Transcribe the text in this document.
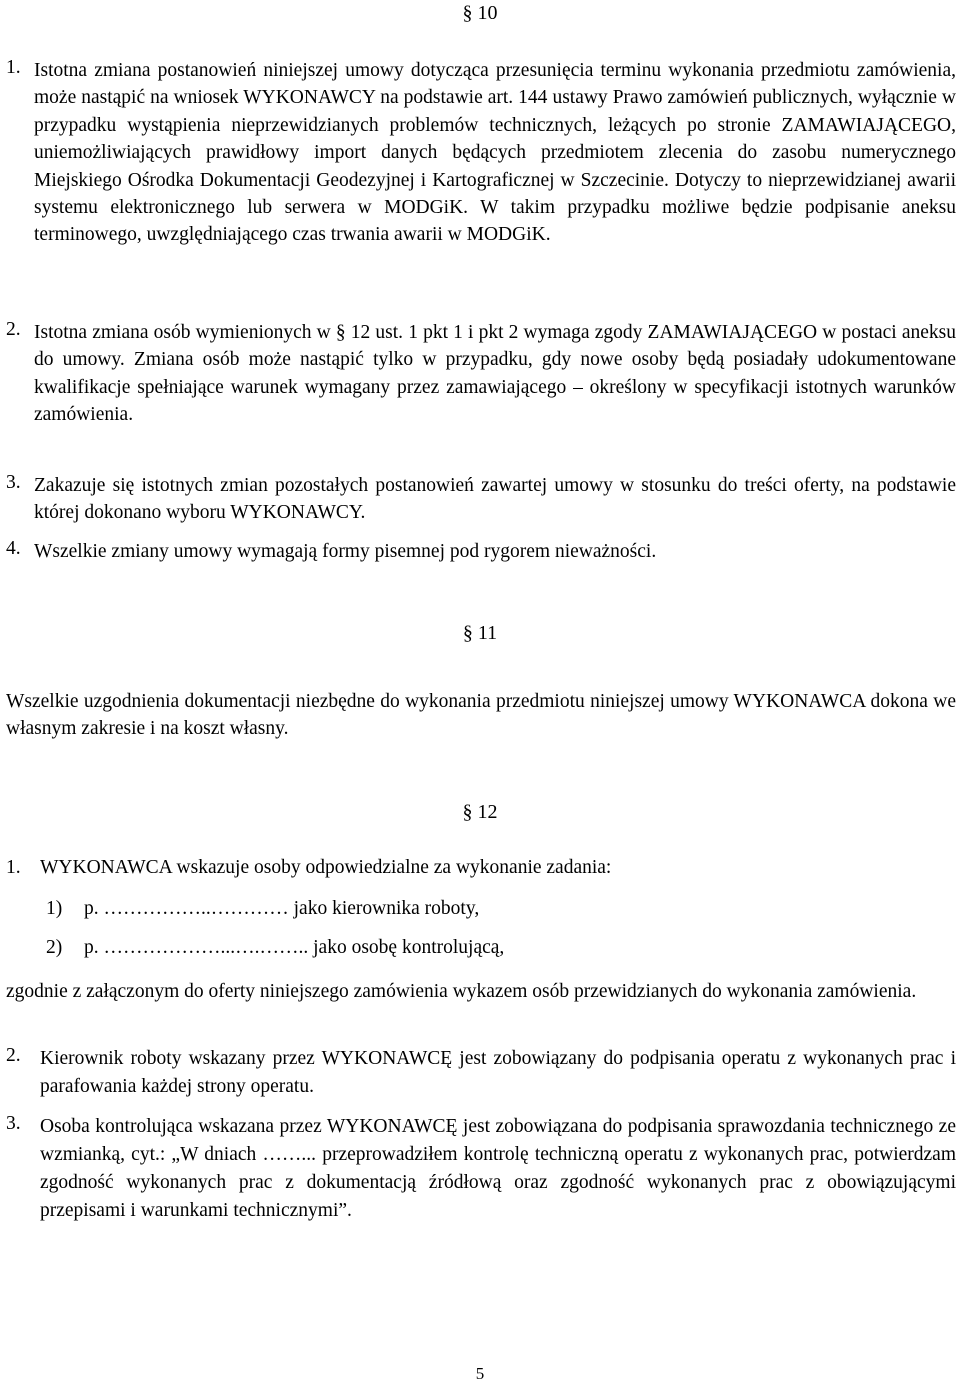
§ 10
1. Istotna zmiana postanowień niniejszej umowy dotycząca przesunięcia terminu wykonania przedmiotu zamówienia, może nastąpić na wniosek WYKONAWCY na podstawie art. 144 ustawy Prawo zamówień publicznych, wyłącznie w przypadku wystąpienia nieprzewidzianych problemów technicznych, leżących po stronie ZAMAWIAJĄCEGO, uniemożliwiających prawidłowy import danych będących przedmiotem zlecenia do zasobu numerycznego Miejskiego Ośrodka Dokumentacji Geodezyjnej i Kartograficznej w Szczecinie. Dotyczy to nieprzewidzianej awarii systemu elektronicznego lub serwera w MODGiK. W takim przypadku możliwe będzie podpisanie aneksu terminowego, uwzględniającego czas trwania awarii w MODGiK.
2. Istotna zmiana osób wymienionych w § 12 ust. 1 pkt 1 i pkt 2 wymaga zgody ZAMAWIAJĄCEGO w postaci aneksu do umowy. Zmiana osób może nastąpić tylko w przypadku, gdy nowe osoby będą posiadały udokumentowane kwalifikacje spełniające warunek wymagany przez zamawiającego – określony w specyfikacji istotnych warunków zamówienia.
3. Zakazuje się istotnych zmian pozostałych postanowień zawartej umowy w stosunku do treści oferty, na podstawie której dokonano wyboru WYKONAWCY.
4. Wszelkie zmiany umowy wymagają formy pisemnej pod rygorem nieważności.
§ 11
Wszelkie uzgodnienia dokumentacji niezbędne do wykonania przedmiotu niniejszej umowy WYKONAWCA dokona we własnym zakresie i na koszt własny.
§ 12
1. WYKONAWCA wskazuje osoby odpowiedzialne za wykonanie zadania:
1) p. ……………..………… jako kierownika roboty,
2) p. ………………...….…….. jako osobę kontrolującą,
zgodnie z załączonym do oferty niniejszego zamówienia wykazem osób przewidzianych do wykonania zamówienia.
2. Kierownik roboty wskazany przez WYKONAWCĘ jest zobowiązany do podpisania operatu z wykonanych prac i parafowania każdej strony operatu.
3. Osoba kontrolująca wskazana przez WYKONAWCĘ jest zobowiązana do podpisania sprawozdania technicznego ze wzmianką, cyt.: „W dniach ……... przeprowadziłem kontrolę techniczną operatu z wykonanych prac, potwierdzam zgodność wykonanych prac z dokumentacją źródłową oraz zgodność wykonanych prac z obowiązującymi przepisami i warunkami technicznymi”.
5
